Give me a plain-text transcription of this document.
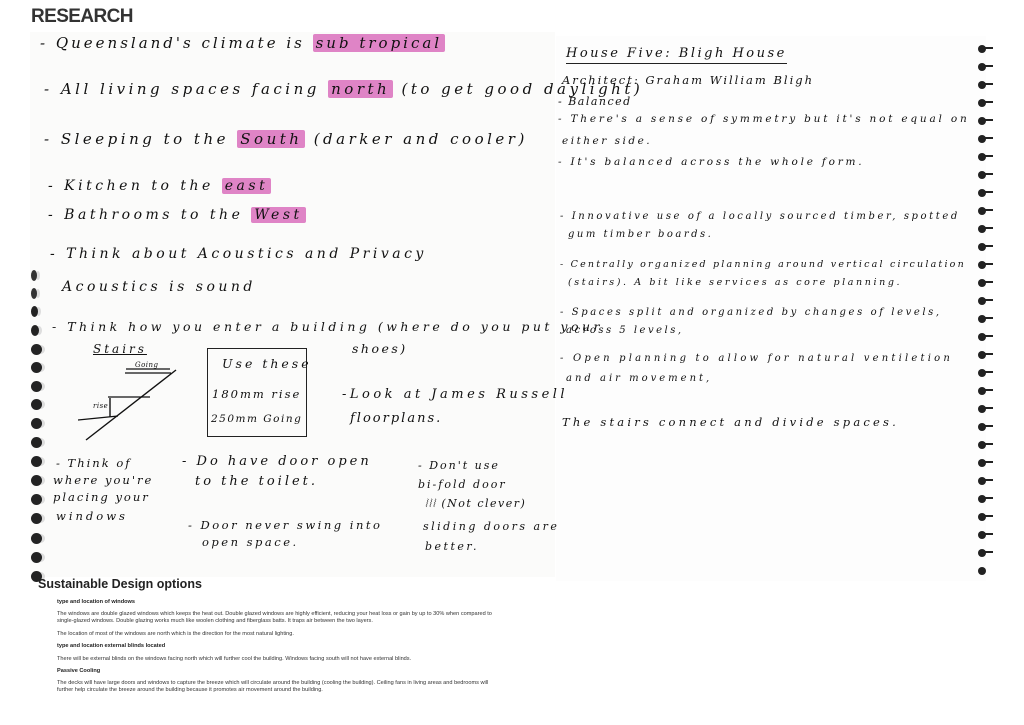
RESEARCH
- Queensland's climate is sub tropical
- All living spaces facing north (to get good daylight)
- Sleeping to the South (darker and cooler)
- Kitchen to the east
- Bathrooms to the West
- Think about Acoustics and Privacy
Acoustics is sound
- Think how you enter a building (where do you put your
shoes)
Stairs
Going
rise
Use these
180mm rise
250mm Going
-Look at James Russell
floorplans.
- Think of
where you're
placing your
windows
- Do have door open
to the toilet.
- Door never swing into
open space.
- Don't use
bi-fold door
⦚⦚⦚ (Not clever)
sliding doors are
better.
House Five: Bligh House
Architect: Graham William Bligh
- Balanced
- There's a sense of symmetry but it's not equal on
either side.
- It's balanced across the whole form.
- Innovative use of a locally sourced timber, spotted
gum timber boards.
- Centrally organized planning around vertical circulation
(stairs). A bit like services as core planning.
- Spaces split and organized by changes of levels,
across 5 levels,
- Open planning to allow for natural ventiletion
and air movement,
The stairs connect and divide spaces.
Sustainable Design options
type and location of windows
The windows are double glazed windows which keeps the heat out. Double glazed windows are highly efficient, reducing your heat loss or gain by up to 30% when compared to single-glazed windows. Double glazing works much like woolen clothing and fiberglass batts. It traps air between the two layers.
The location of most of the windows are north which is the direction for the most natural lighting.
type and location external blinds located
There will be external blinds on the windows facing north which will further cool the building. Windows facing south will not have external blinds.
Passive Cooling
The decks will have large doors and windows to capture the breeze which will circulate around the building (cooling the building). Ceiling fans in living areas and bedrooms will further help circulate the breeze around the building because it promotes air movement around the building.
